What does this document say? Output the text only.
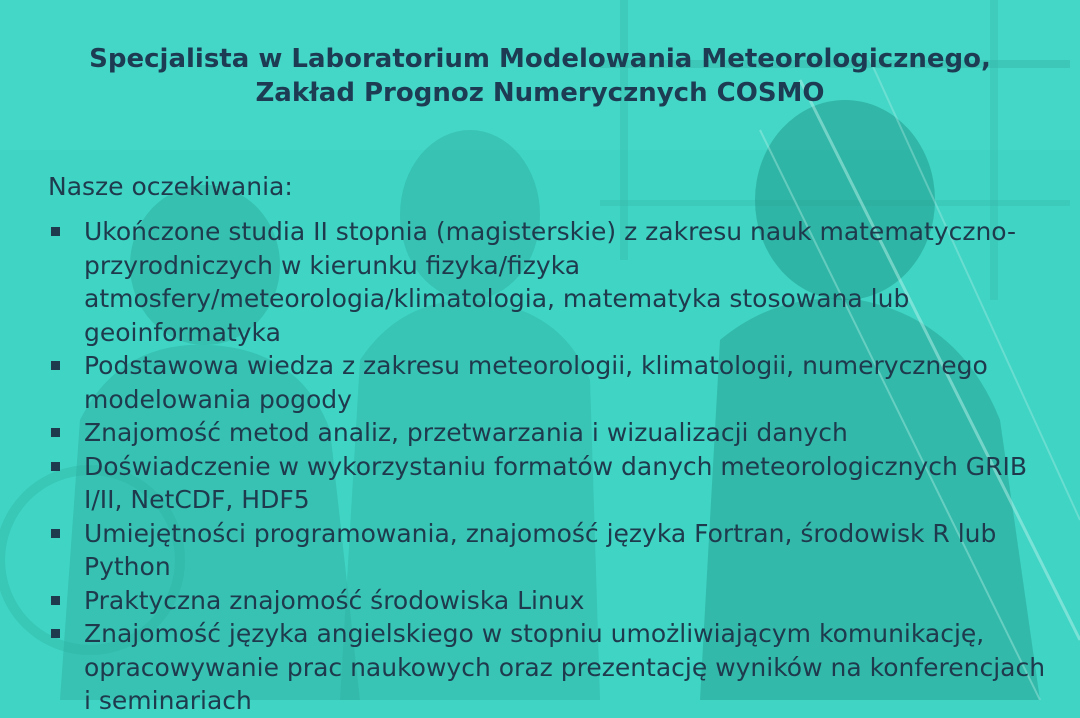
Specjalista w Laboratorium Modelowania Meteorologicznego,
Zakład Prognoz Numerycznych COSMO

Nasze oczekiwania:

Ukończone studia II stopnia (magisterskie) z zakresu nauk matematyczno-przyrodniczych w kierunku fizyka/fizyka atmosfery/meteorologia/klimatologia, matematyka stosowana lub geoinformatyka
Podstawowa wiedza z zakresu meteorologii, klimatologii, numerycznego modelowania pogody
Znajomość metod analiz, przetwarzania i wizualizacji danych
Doświadczenie w wykorzystaniu formatów danych meteorologicznych GRIB I/II, NetCDF, HDF5
Umiejętności programowania, znajomość języka Fortran, środowisk R lub Python
Praktyczna znajomość środowiska Linux
Znajomość języka angielskiego w stopniu umożliwiającym komunikację, opracowywanie prac naukowych oraz prezentację wyników na konferencjach i seminariach
